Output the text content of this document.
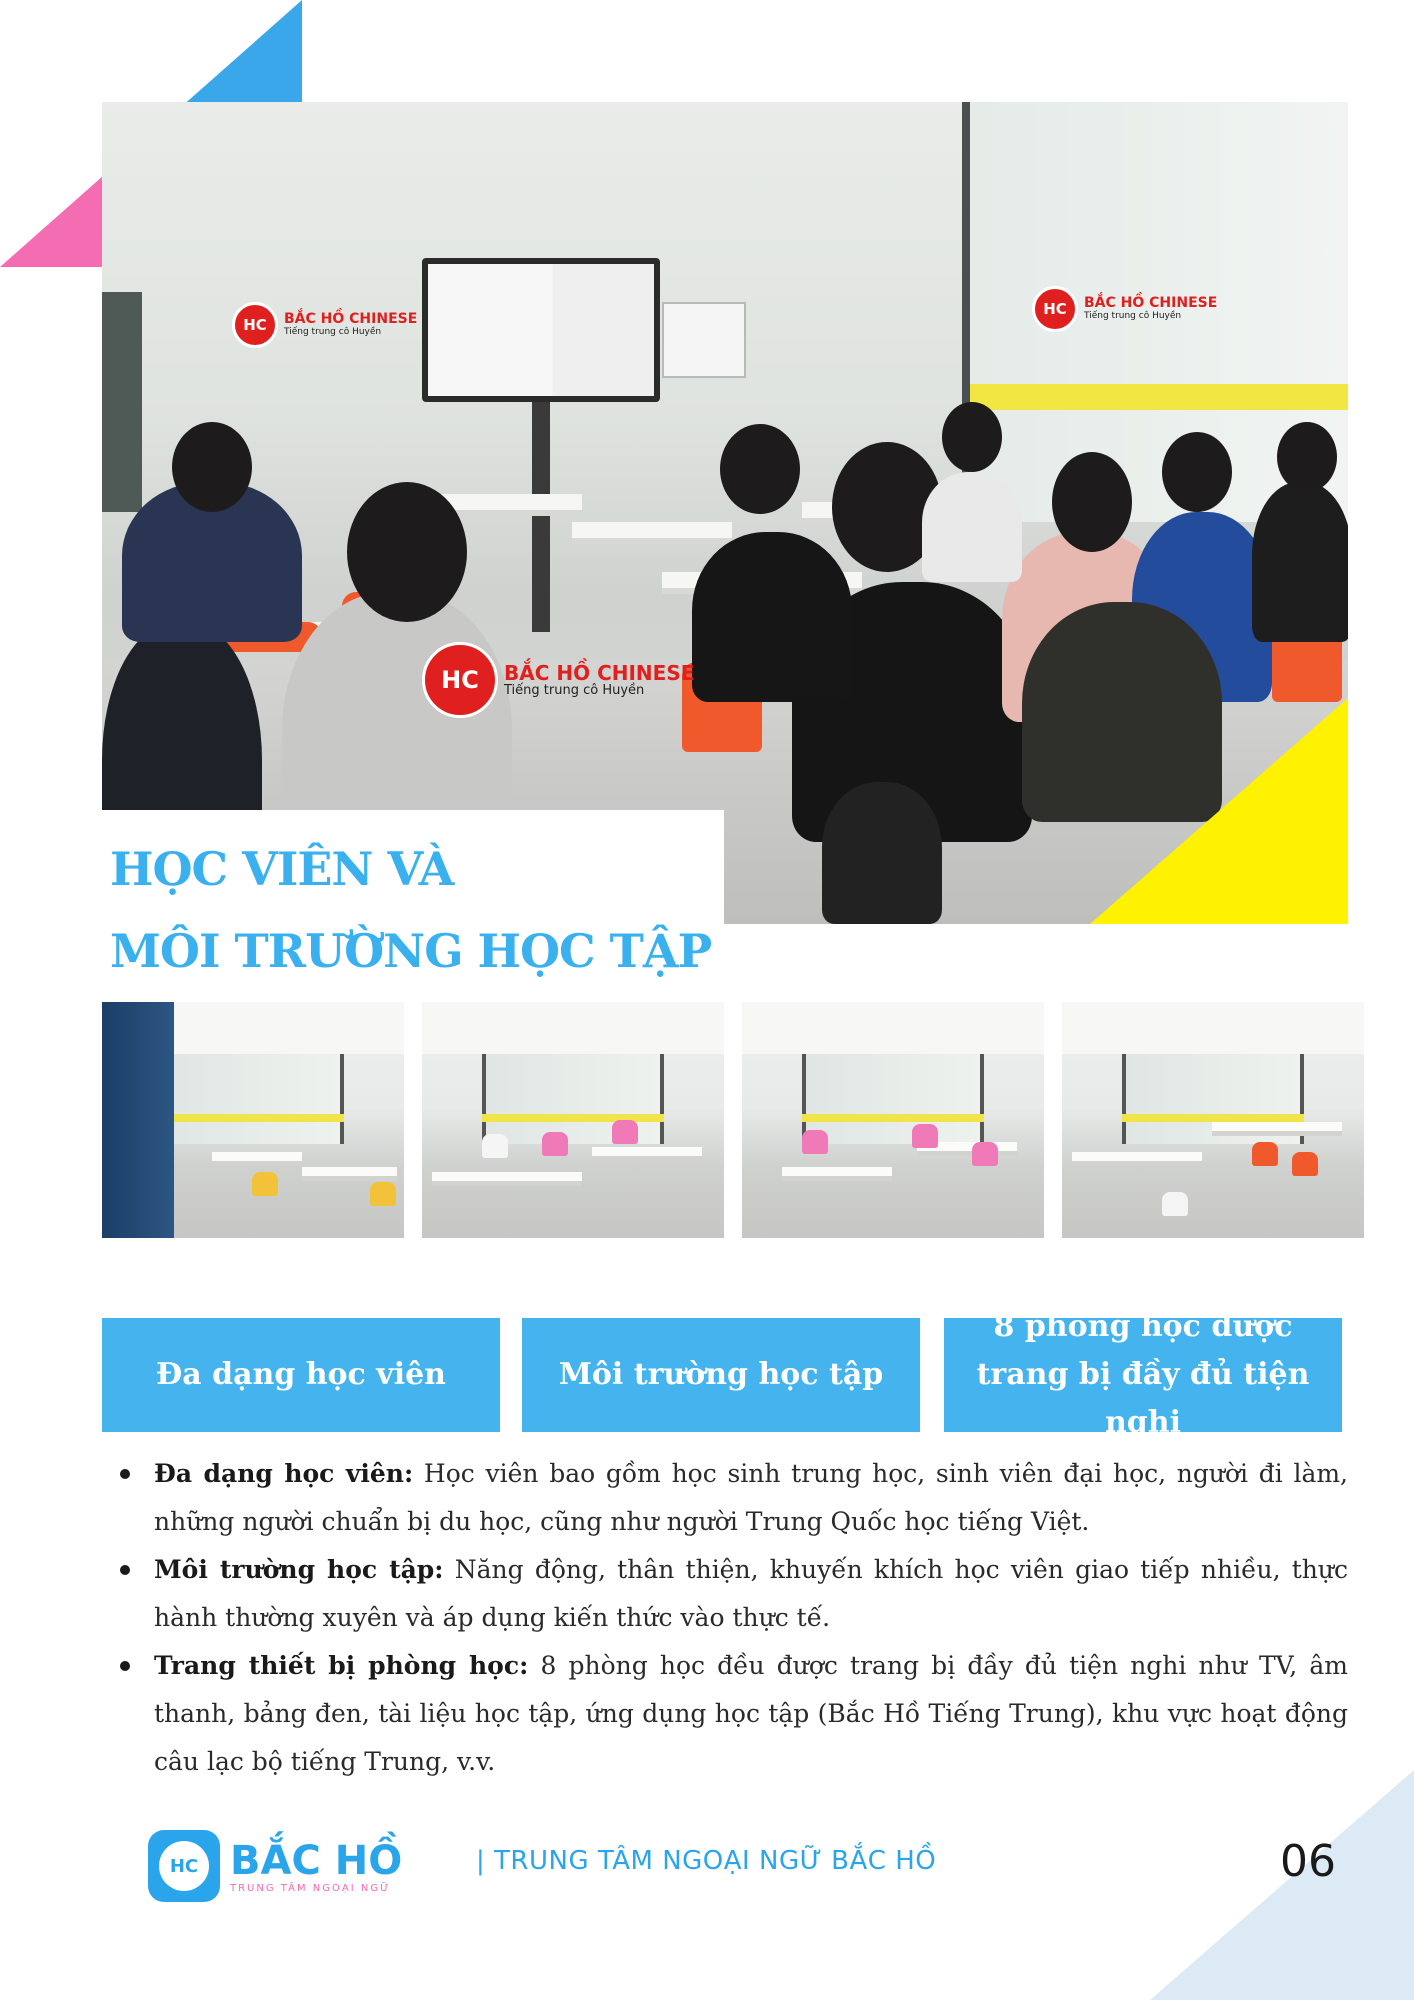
HC	BẮC HỒ CHINESE
Tiếng trung cô Huyền
HC	BẮC HỒ CHINESE
Tiếng trung cô Huyền
HC	BẮC HỒ CHINESE
Tiếng trung cô Huyền
HỌC VIÊN VÀ
MÔI TRƯỜNG HỌC TẬP
Đa dạng học viên	Môi trường học tập
8 phòng học được trang bị đầy đủ tiện nghi
Đa dạng học viên: Học viên bao gồm học sinh trung học, sinh viên đại học, người đi làm, những người chuẩn bị du học, cũng như người Trung Quốc học tiếng Việt.
Môi trường học tập: Năng động, thân thiện, khuyến khích học viên giao tiếp nhiều, thực hành thường xuyên và áp dụng kiến thức vào thực tế.
Trang thiết bị phòng học: 8 phòng học đều được trang bị đầy đủ tiện nghi như TV, âm thanh, bảng đen, tài liệu học tập, ứng dụng học tập (Bắc Hồ Tiếng Trung), khu vực hoạt động câu lạc bộ tiếng Trung, v.v.
HC BẮC HỒ
TRUNG TÂM NGOẠI NGỮ
| TRUNG TÂM NGOẠI NGỮ BẮC HỒ	06
